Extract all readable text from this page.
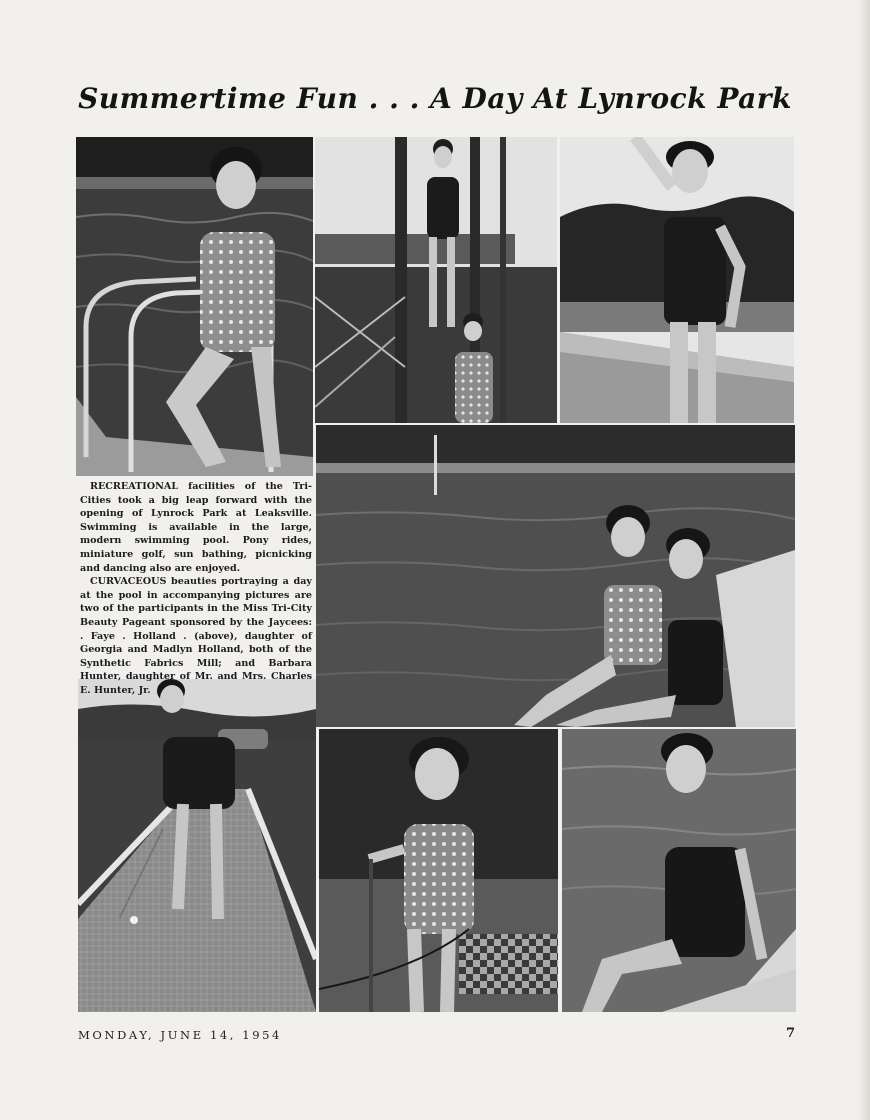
Summertime Fun . . . A Day At Lynrock Park

RECREATIONAL facilities of the Tri-Cities took a big leap forward with the opening of Lynrock Park at Leaksville. Swimming is available in the large, modern swimming pool. Pony rides, miniature golf, sun bathing, picnicking and dancing also are enjoyed.

CURVACEOUS beauties portraying a day at the pool in accompanying pictures are two of the participants in the Miss Tri-City Beauty Pageant sponsored by the Jaycees: . Faye . Holland . (above), daughter of Georgia and Madlyn Holland, both of the Synthetic Fabrics Mill; and Barbara Hunter, daughter of Mr. and Mrs. Charles E. Hunter, Jr.

MONDAY, JUNE 14, 1954	7
